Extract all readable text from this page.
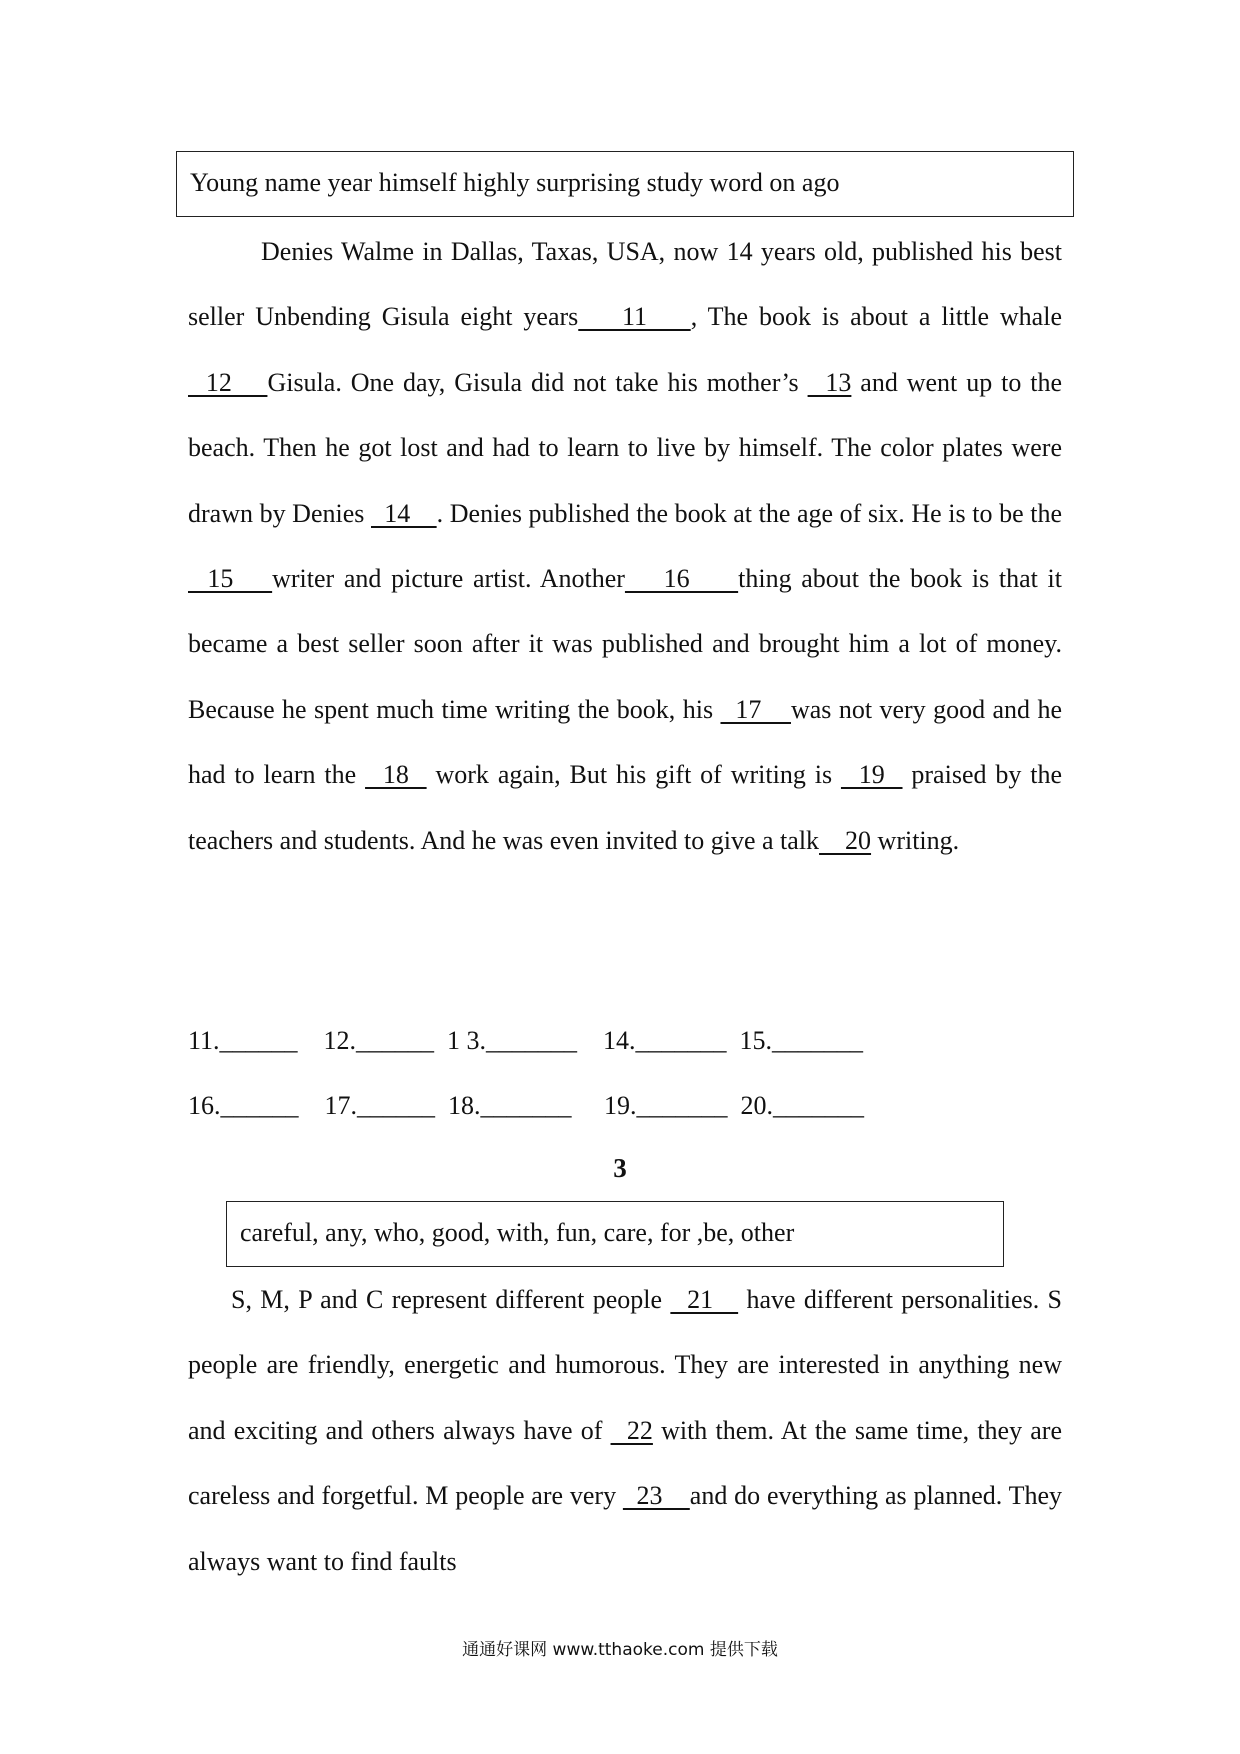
Young name year himself highly surprising study word on ago
Denies Walme in Dallas, Taxas, USA, now 14 years old, published his best seller Unbending Gisula eight years    11    , The book is about a little whale   12    Gisula. One day, Gisula did not take his mother’s   13 and went up to the beach. Then he got lost and had to learn to live by himself. The color plates were drawn by Denies   14    . Denies published the book at the age of six. He is to be the   15    writer and picture artist. Another    16     thing about the book is that it became a best seller soon after it was published and brought him a lot of money. Because he spent much time writing the book, his   17    was not very good and he had to learn the   18   work again, But his gift of writing is   19   praised by the teachers and students. And he was even invited to give a talk    20 writing.
11.______    12.______  1 3._______    14._______  15._______
16.______    17.______  18._______     19._______  20._______
3
careful, any, who, good, with, fun, care, for ,be, other
S, M, P and C represent different people   21    have different personalities. S people are friendly, energetic and humorous. They are interested in anything new and exciting and others always have of   22 with them. At the same time, they are careless and forgetful. M people are very   23    and do everything as planned. They always want to find faults
通通好课网 www.tthaoke.com 提供下载
